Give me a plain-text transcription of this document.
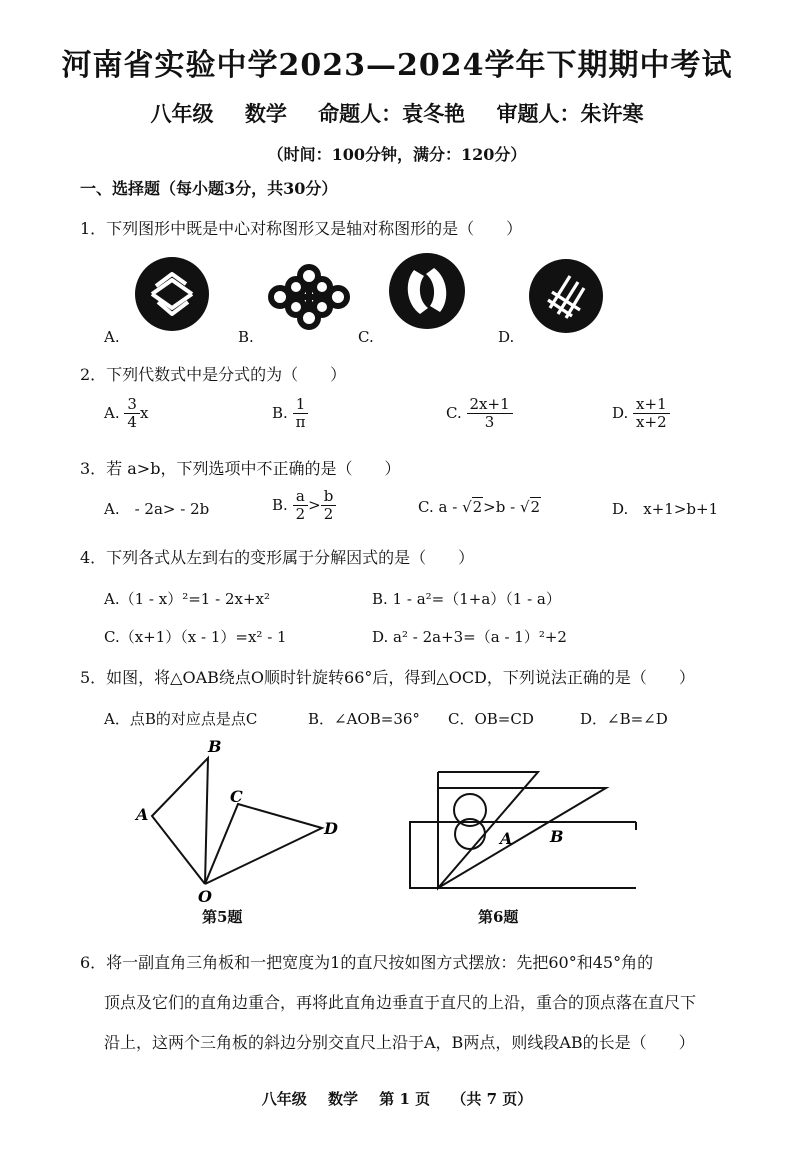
河南省实验中学2023—2024学年下期期中考试
八年级 数学 命题人：袁冬艳 审题人：朱许寒
（时间：100分钟，满分：120分）
一、选择题（每小题3分，共30分）
1．下列图形中既是中心对称图形又是轴对称图形的是（　　）
A.	B.	C.	D.
2．下列代数式中是分式的为（　　）
A. $\frac{3}{4}$ x	B. $\frac{1}{\pi}$	C. $\frac{2x+1}{3}$	D. $\frac{x+1}{x+2}$
3．若 a>b，下列选项中不正确的是（　　）
A.　- 2a> - 2b	B. $\frac{a}{2} > \frac{b}{2}$	C. a - √2>b - √2	D.　x+1>b+1
4．下列各式从左到右的变形属于分解因式的是（　　）
A.（1 - x）²=1 - 2x+x²	B. 1 - a²=（1+a）（1 - a）
C.（x+1）（x - 1）=x² - 1	D. a² - 2a+3=（a - 1）²+2
5．如图，将△OAB绕点O顺时针旋转66°后，得到△OCD，下列说法正确的是（　　）
A．点B的对应点是点C	B．∠AOB=36° C．OB=CD	D．∠B=∠D
B
A
C
D
O
第5题
A B
第6题
6．将一副直角三角板和一把宽度为1的直尺按如图方式摆放：先把60°和45°角的
顶点及它们的直角边重合，再将此直角边垂直于直尺的上沿，重合的顶点落在直尺下
沿上，这两个三角板的斜边分别交直尺上沿于A，B两点，则线段AB的长是（　　）
八年级 数学 第 1 页 （共 7 页）
